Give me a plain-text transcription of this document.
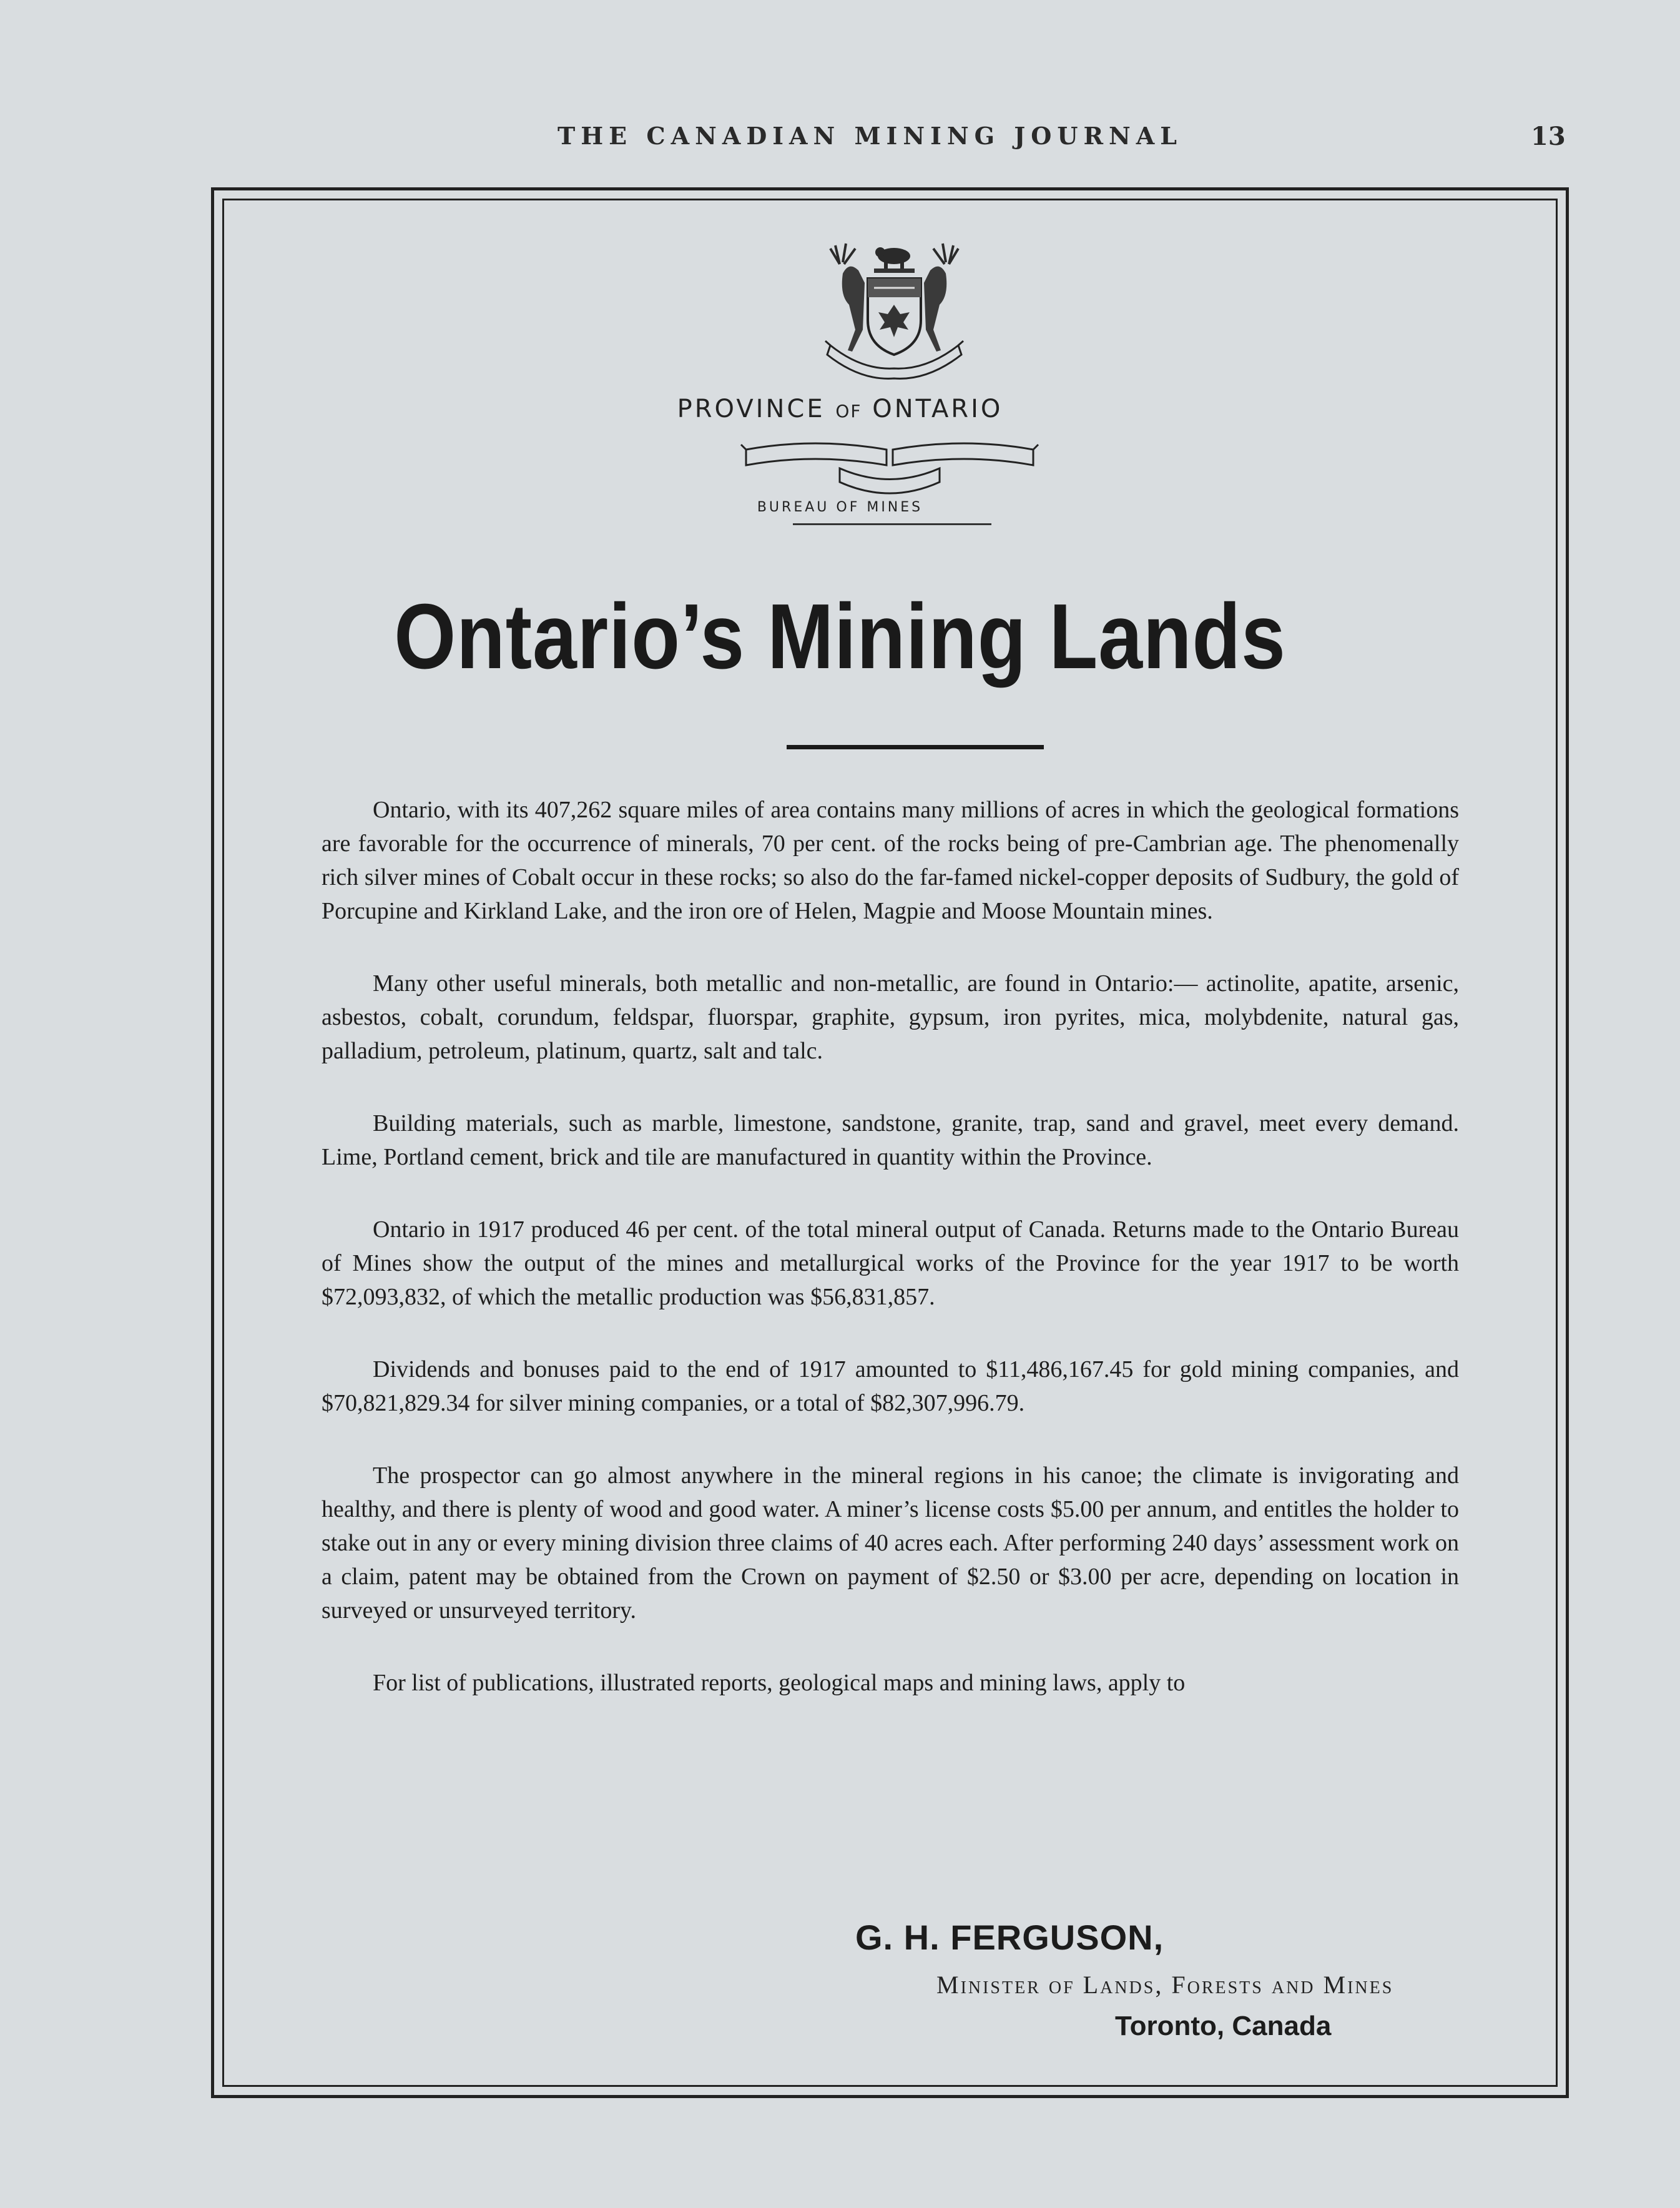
THE CANADIAN MINING JOURNAL	13
PROVINCE OF ONTARIO
BUREAU OF MINES
Ontario’s Mining Lands

Ontario, with its 407,262 square miles of area contains many millions of acres in which the geological formations are favorable for the occurrence of minerals, 70 per cent. of the rocks being of pre-Cambrian age. The phenomenally rich silver mines of Cobalt occur in these rocks; so also do the far-famed nickel-copper deposits of Sudbury, the gold of Porcupine and Kirkland Lake, and the iron ore of Helen, Magpie and Moose Mountain mines.

Many other useful minerals, both metallic and non-metallic, are found in Ontario:— actinolite, apatite, arsenic, asbestos, cobalt, corundum, feldspar, fluorspar, graphite, gypsum, iron pyrites, mica, molybdenite, natural gas, palladium, petroleum, platinum, quartz, salt and talc.

Building materials, such as marble, limestone, sandstone, granite, trap, sand and gravel, meet every demand. Lime, Portland cement, brick and tile are manufactured in quantity within the Province.

Ontario in 1917 produced 46 per cent. of the total mineral output of Canada. Returns made to the Ontario Bureau of Mines show the output of the mines and metallurgical works of the Province for the year 1917 to be worth $72,093,832, of which the metallic production was $56,831,857.

Dividends and bonuses paid to the end of 1917 amounted to $11,486,167.45 for gold mining companies, and $70,821,829.34 for silver mining companies, or a total of $82,307,996.79.

The prospector can go almost anywhere in the mineral regions in his canoe; the climate is invigorating and healthy, and there is plenty of wood and good water. A miner’s license costs $5.00 per annum, and entitles the holder to stake out in any or every mining division three claims of 40 acres each. After performing 240 days’ assessment work on a claim, patent may be obtained from the Crown on payment of $2.50 or $3.00 per acre, depending on location in surveyed or unsurveyed territory.

For list of publications, illustrated reports, geological maps and mining laws, apply to

G. H. FERGUSON,
Minister of Lands, Forests and Mines
Toronto, Canada
